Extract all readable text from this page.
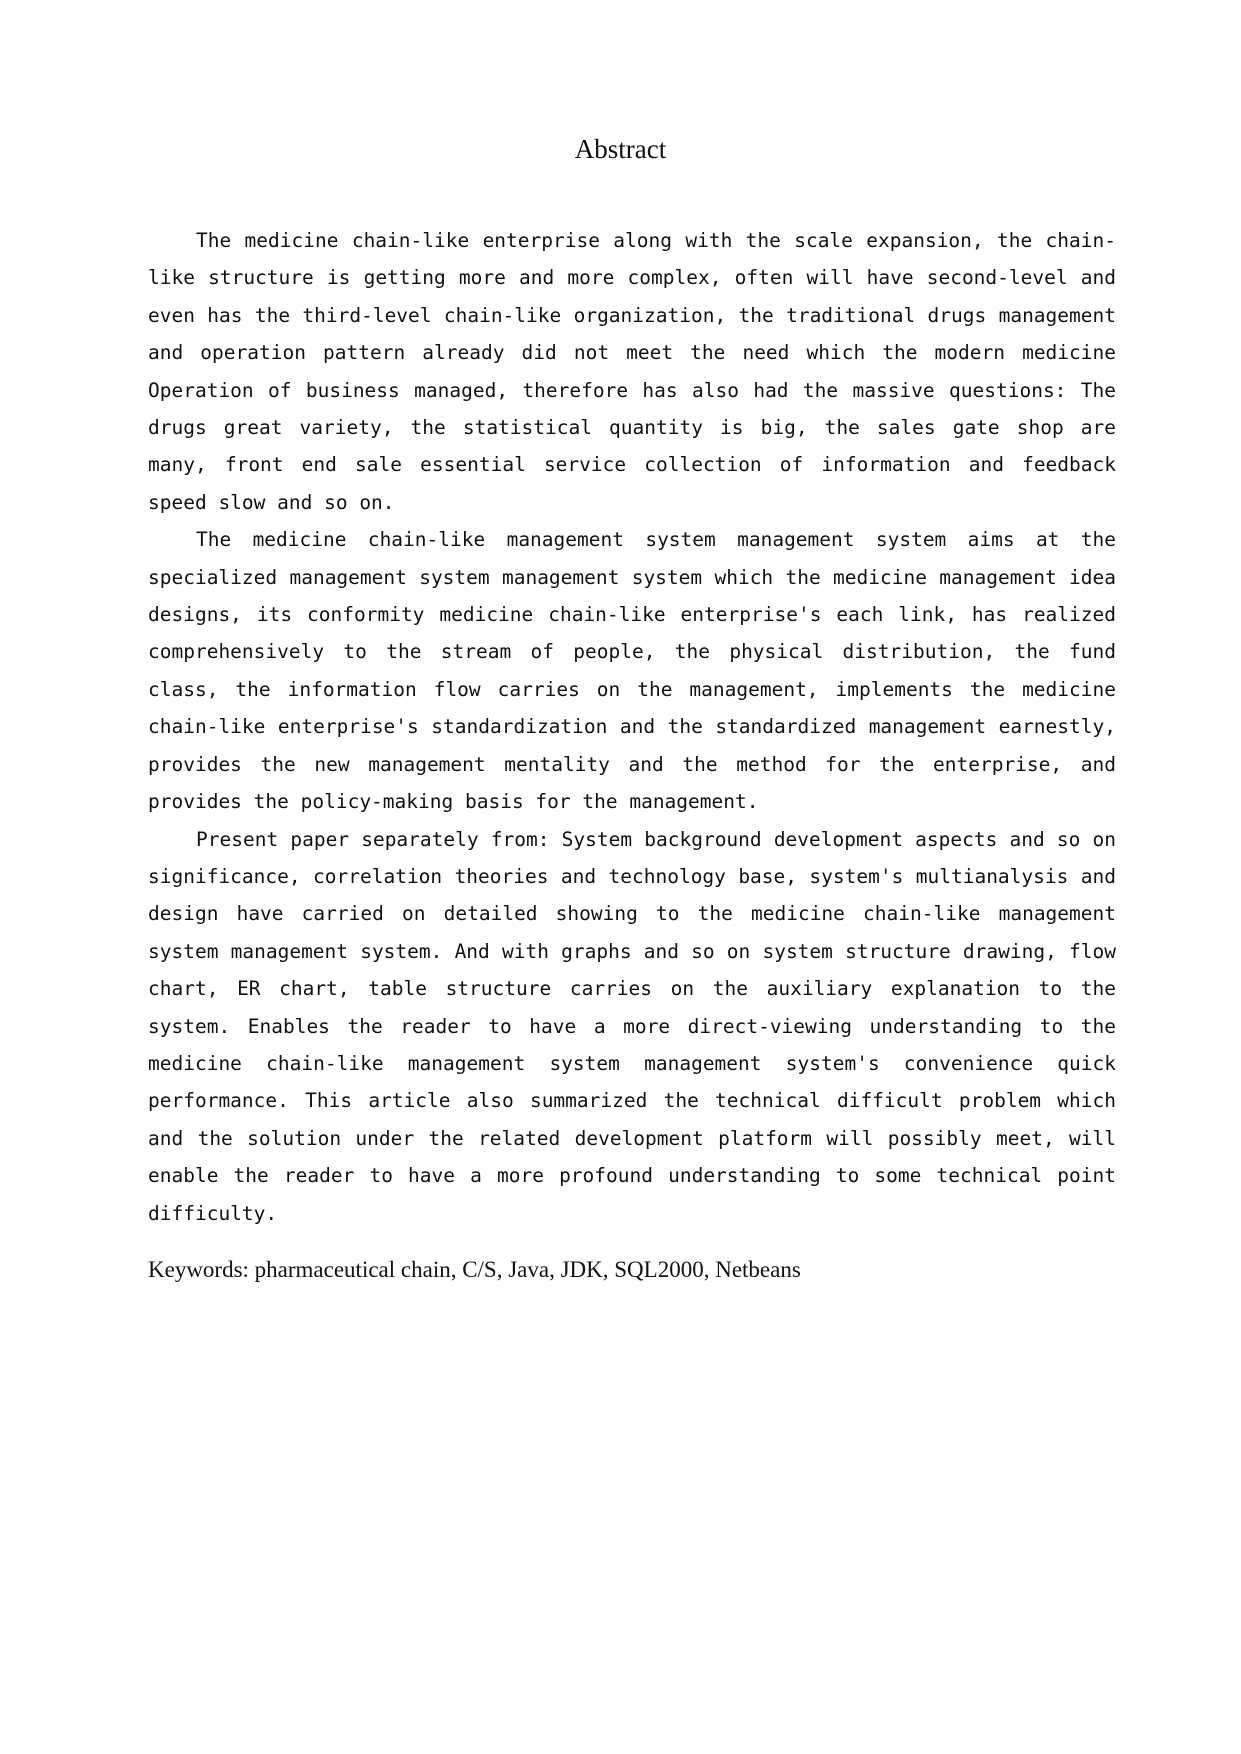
Abstract

The medicine chain-like enterprise along with the scale expansion, the chain-like structure is getting more and more complex, often will have second-level and even has the third-level chain-like organization, the traditional drugs management and operation pattern already did not meet the need which the modern medicine Operation of business managed, therefore has also had the massive questions: The drugs great variety, the statistical quantity is big, the sales gate shop are many, front end sale essential service collection of information and feedback speed slow and so on.

The medicine chain-like management system management system aims at the specialized management system management system which the medicine management idea designs, its conformity medicine chain-like enterprise's each link, has realized comprehensively to the stream of people, the physical distribution, the fund class, the information flow carries on the management, implements the medicine chain-like enterprise's standardization and the standardized management earnestly, provides the new management mentality and the method for the enterprise, and provides the policy-making basis for the management.

Present paper separately from: System background development aspects and so on significance, correlation theories and technology base, system's multianalysis and design have carried on detailed showing to the medicine chain-like management system management system. And with graphs and so on system structure drawing, flow chart, ER chart, table structure carries on the auxiliary explanation to the system. Enables the reader to have a more direct-viewing understanding to the medicine chain-like management system management system's convenience quick performance. This article also summarized the technical difficult problem which and the solution under the related development platform will possibly meet, will enable the reader to have a more profound understanding to some technical point difficulty.

Keywords: pharmaceutical chain, C/S, Java, JDK, SQL2000, Netbeans
